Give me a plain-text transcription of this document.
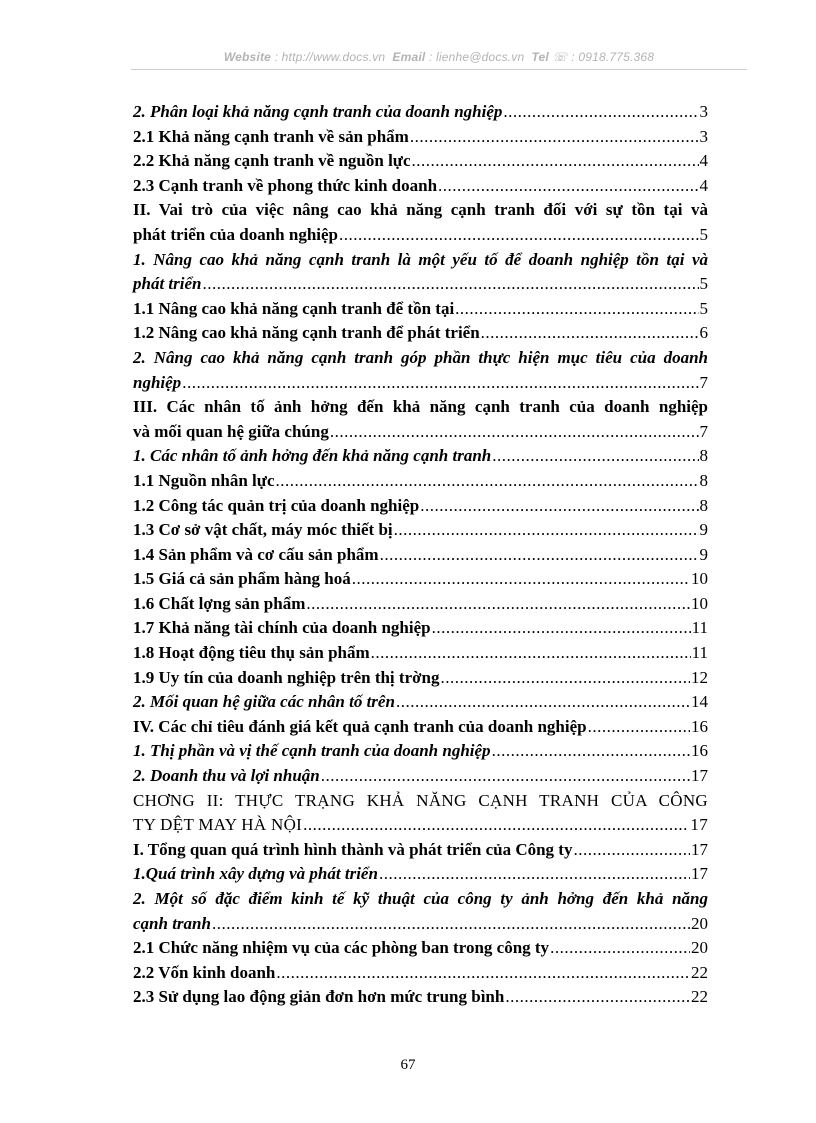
Website : http://www.docs.vn Email : lienhe@docs.vn Tel ☏ : 0918.775.368
2. Phân loại khả năng cạnh tranh của doanh nghiệp .....	3
2.1 Khả năng cạnh tranh về sản phẩm .....	3
2.2 Khả năng cạnh tranh về nguồn lực .....	4
2.3 Cạnh tranh về phong thức kinh doanh .....	4
II. Vai trò của việc nâng cao khả năng cạnh tranh đối với sự tồn tại và
phát triển của doanh nghiệp .....	5
1. Nâng cao khả năng cạnh tranh là một yếu tố để doanh nghiệp tồn tại và
phát triển .....	5
1.1 Nâng cao khả năng cạnh tranh để tồn tại .....	5
1.2 Nâng cao khả năng cạnh tranh để phát triển .....	6
2. Nâng cao khả năng cạnh tranh góp phần thực hiện mục tiêu của doanh
nghiệp .....	7
III. Các nhân tố ảnh hởng đến khả năng cạnh tranh của doanh nghiệp
và mối quan hệ giữa chúng .....	7
1. Các nhân tố ảnh hởng đến khả năng cạnh tranh .....	8
1.1 Nguồn nhân lực .....	8
1.2 Công tác quản trị của doanh nghiệp .....	8
1.3 Cơ sở vật chất, máy móc thiết bị .....	9
1.4 Sản phẩm và cơ cấu sản phẩm .....	9
1.5 Giá cả sản phẩm hàng hoá .....	10
1.6 Chất lợng sản phẩm .....	10
1.7 Khả năng tài chính của doanh nghiệp .....	11
1.8 Hoạt động tiêu thụ sản phẩm .....	11
1.9 Uy tín của doanh nghiệp trên thị trờng .....	12
2. Mối quan hệ giữa các nhân tố trên .....	14
IV. Các chỉ tiêu đánh giá kết quả cạnh tranh của doanh nghiệp .....	16
1. Thị phần và vị thế cạnh tranh của doanh nghiệp .....	16
2. Doanh thu và lợi nhuận .....	17
CHƠNG II: THỰC TRẠNG KHẢ NĂNG CẠNH TRANH CỦA CÔNG
TY DỆT MAY HÀ NỘI .....	17
I. Tổng quan quá trình hình thành và phát triển của Công ty .....	17
1.Quá trình xây dựng và phát triển .....	17
2. Một số đặc điểm kinh tế kỹ thuật của công ty ảnh hởng đến khả năng
cạnh tranh .....	20
2.1 Chức năng nhiệm vụ của các phòng ban trong công ty .....	20
2.2 Vốn kinh doanh .....	22
2.3 Sử dụng lao động giản đơn hơn mức trung bình .....	22
67
